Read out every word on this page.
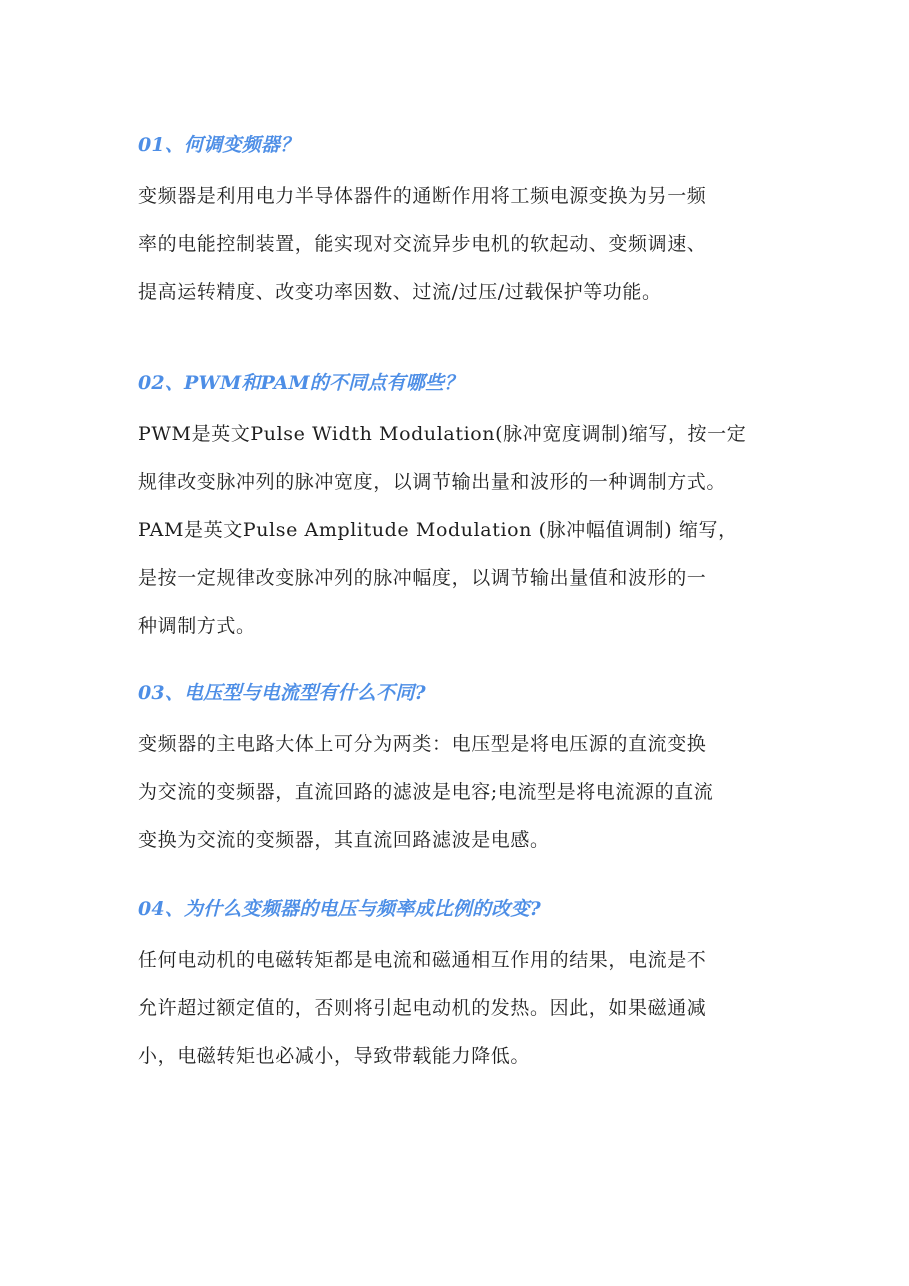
01、何调变频器？
变频器是利用电力半导体器件的通断作用将工频电源变换为另一频
率的电能控制装置，能实现对交流异步电机的软起动、变频调速、
提高运转精度、改变功率因数、过流/过压/过载保护等功能。
02、PWM和PAM的不同点有哪些？
PWM是英文Pulse Width Modulation(脉冲宽度调制)缩写，按一定
规律改变脉冲列的脉冲宽度，以调节输出量和波形的一种调制方式。
PAM是英文Pulse Amplitude Modulation (脉冲幅值调制) 缩写，
是按一定规律改变脉冲列的脉冲幅度，以调节输出量值和波形的一
种调制方式。
03、电压型与电流型有什么不同?
变频器的主电路大体上可分为两类：电压型是将电压源的直流变换
为交流的变频器，直流回路的滤波是电容;电流型是将电流源的直流
变换为交流的变频器，其直流回路滤波是电感。
04、为什么变频器的电压与频率成比例的改变?
任何电动机的电磁转矩都是电流和磁通相互作用的结果，电流是不
允许超过额定值的，否则将引起电动机的发热。因此，如果磁通减
小，电磁转矩也必减小，导致带载能力降低。
